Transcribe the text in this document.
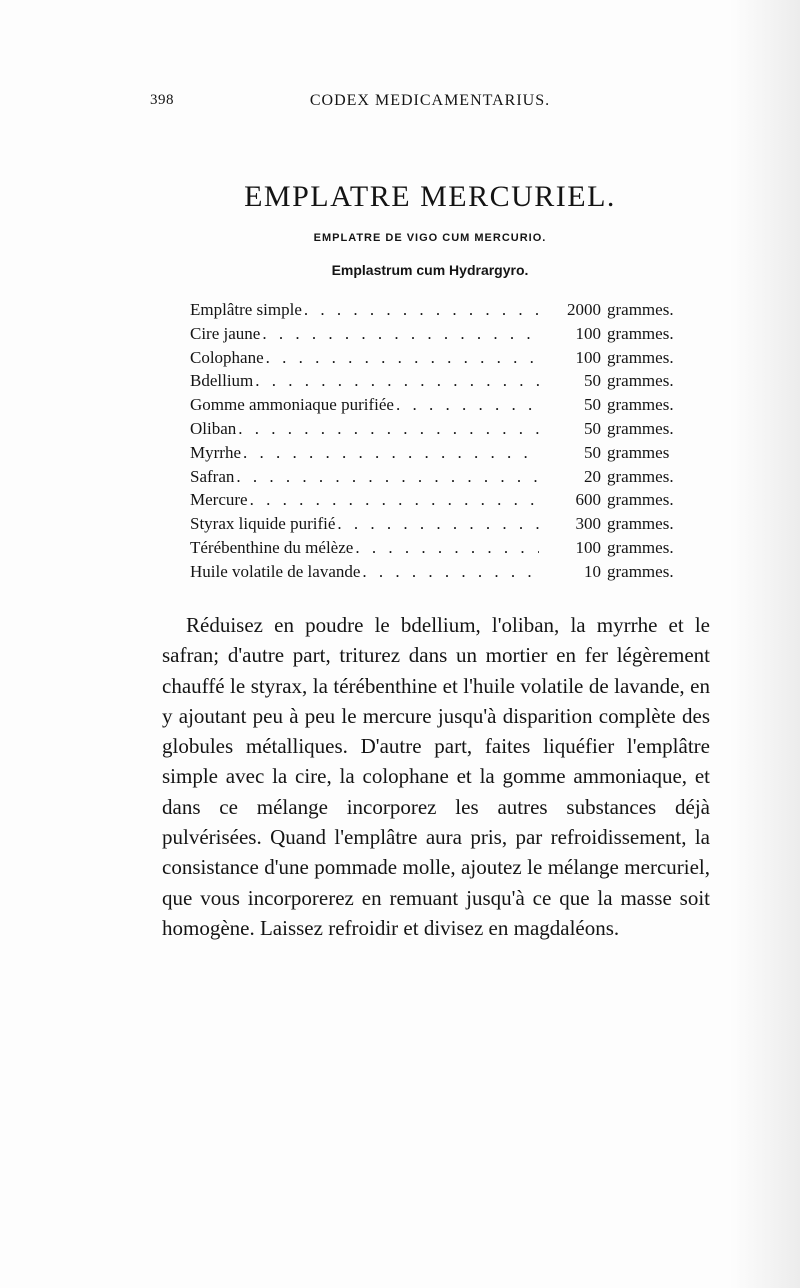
398	CODEX MEDICAMENTARIUS.
EMPLATRE MERCURIEL.
EMPLATRE DE VIGO CUM MERCURIO.
Emplastrum cum Hydrargyro.
Emplâtre simple . . .	2000 grammes.
Cire jaune . . .	100 grammes.
Colophane . . .	100 grammes.
Bdellium . . .	50 grammes.
Gomme ammoniaque purifiée . . .	50 grammes.
Oliban . . .	50 grammes.
Myrrhe . . .	50 grammes
Safran . . .	20 grammes.
Mercure . . .	600 grammes.
Styrax liquide purifié . . .	300 grammes.
Térébenthine du mélèze . . .	100 grammes.
Huile volatile de lavande . . .	10 grammes.

Réduisez en poudre le bdellium, l'oliban, la myrrhe et le safran; d'autre part, triturez dans un mortier en fer légèrement chauffé le styrax, la térébenthine et l'huile volatile de lavande, en y ajoutant peu à peu le mercure jusqu'à disparition complète des globules métalliques. D'autre part, faites liquéfier l'emplâtre simple avec la cire, la colophane et la gomme ammoniaque, et dans ce mélange incorporez les autres substances déjà pulvérisées. Quand l'emplâtre aura pris, par refroidissement, la consistance d'une pommade molle, ajoutez le mélange mercuriel, que vous incorporerez en remuant jusqu'à ce que la masse soit homogène. Laissez refroidir et divisez en magdaléons.
